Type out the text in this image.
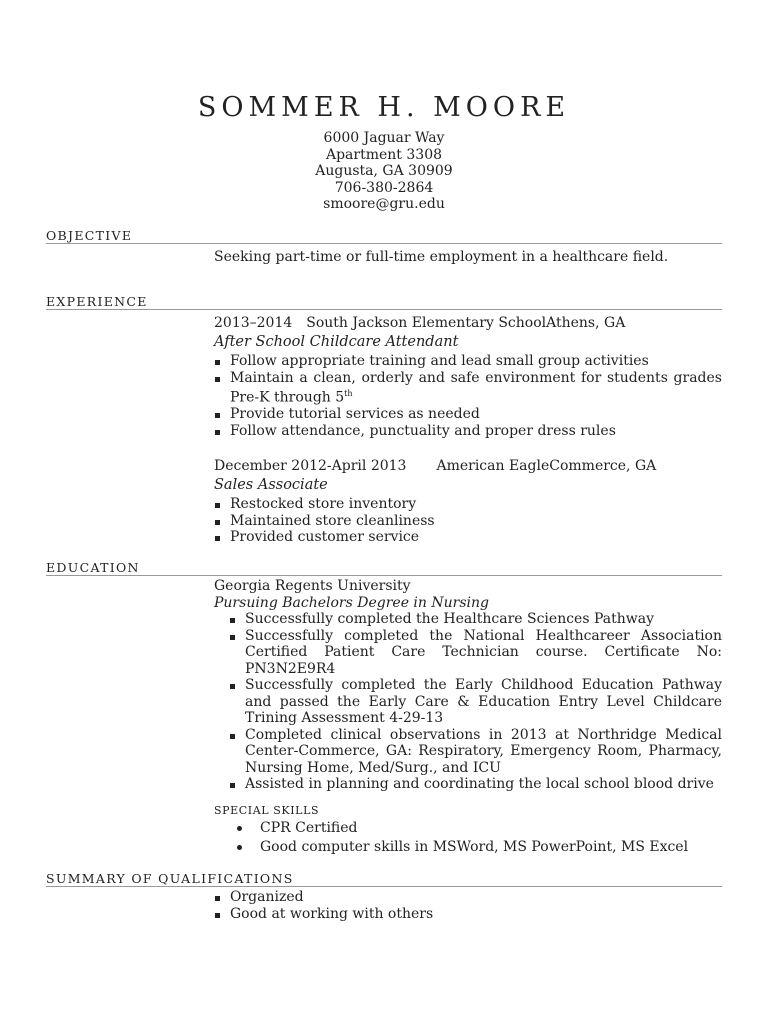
SOMMER H. MOORE
6000 Jaguar Way
Apartment 3308
Augusta, GA 30909
706-380-2864
smoore@gru.edu
OBJECTIVE
Seeking part-time or full-time employment in a healthcare field.
EXPERIENCE
2013–2014 South Jackson Elementary SchoolAthens, GA
After School Childcare Attendant
Follow appropriate training and lead small group activities
Maintain a clean, orderly and safe environment for students grades Pre-K through 5th
Provide tutorial services as needed
Follow attendance, punctuality and proper dress rules
December 2012-April 2013 American EagleCommerce, GA
Sales Associate
Restocked store inventory
Maintained store cleanliness
Provided customer service
EDUCATION
Georgia Regents University
Pursuing Bachelors Degree in Nursing
Successfully completed the Healthcare Sciences Pathway
Successfully completed the National Healthcareer Association Certified Patient Care Technician course. Certificate No: PN3N2E9R4
Successfully completed the Early Childhood Education Pathway and passed the Early Care & Education Entry Level Childcare Trining Assessment 4-29-13
Completed clinical observations in 2013 at Northridge Medical Center-Commerce, GA: Respiratory, Emergency Room, Pharmacy, Nursing Home, Med/Surg., and ICU
Assisted in planning and coordinating the local school blood drive
SPECIAL SKILLS
CPR Certified
Good computer skills in MSWord, MS PowerPoint, MS Excel
SUMMARY OF QUALIFICATIONS
Organized
Good at working with others
